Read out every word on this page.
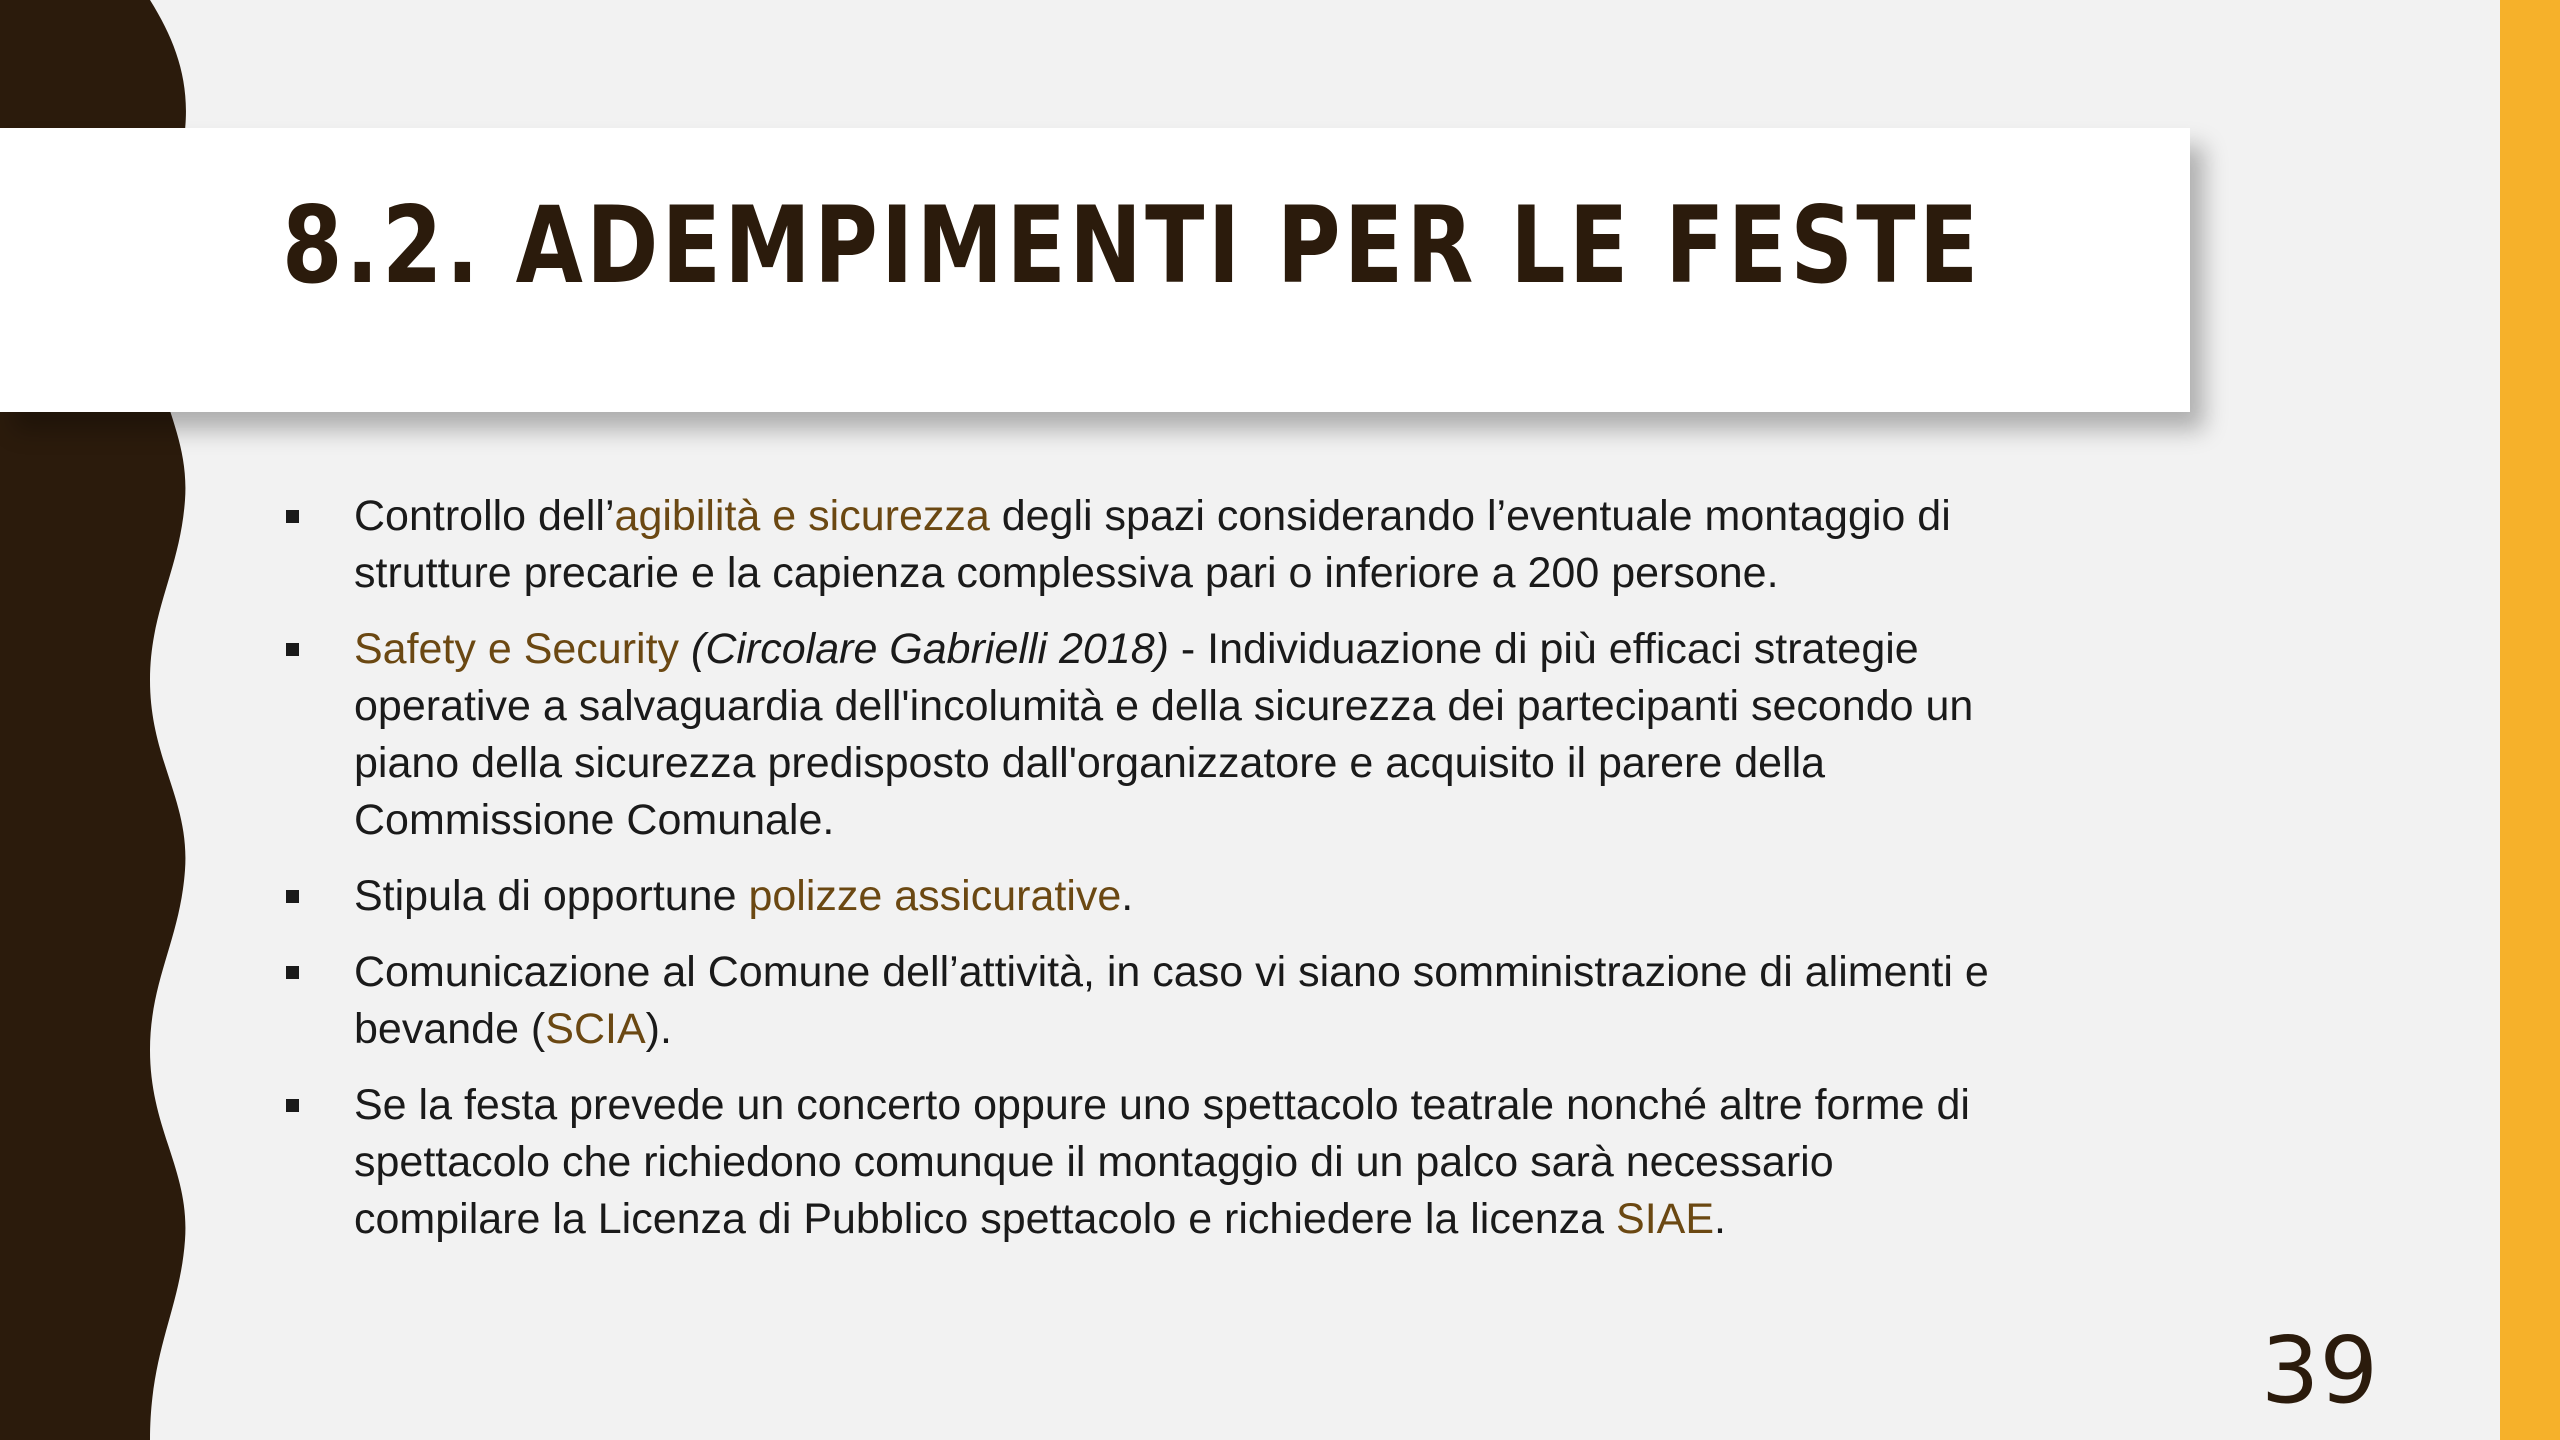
8.2. ADEMPIMENTI PER LE FESTE
Controllo dell’agibilità e sicurezza degli spazi considerando l’eventuale montaggio di strutture precarie e la capienza complessiva pari o inferiore a 200 persone.
Safety e Security (Circolare Gabrielli 2018) - Individuazione di più efficaci strategie operative a salvaguardia dell'incolumità e della sicurezza dei partecipanti secondo un piano della sicurezza predisposto dall'organizzatore e acquisito il parere della Commissione Comunale.
Stipula di opportune polizze assicurative.
Comunicazione al Comune dell’attività, in caso vi siano somministrazione di alimenti e bevande (SCIA).
Se la festa prevede un concerto oppure uno spettacolo teatrale nonché altre forme di spettacolo che richiedono comunque il montaggio di un palco sarà necessario compilare la Licenza di Pubblico spettacolo e richiedere la licenza SIAE.
39
